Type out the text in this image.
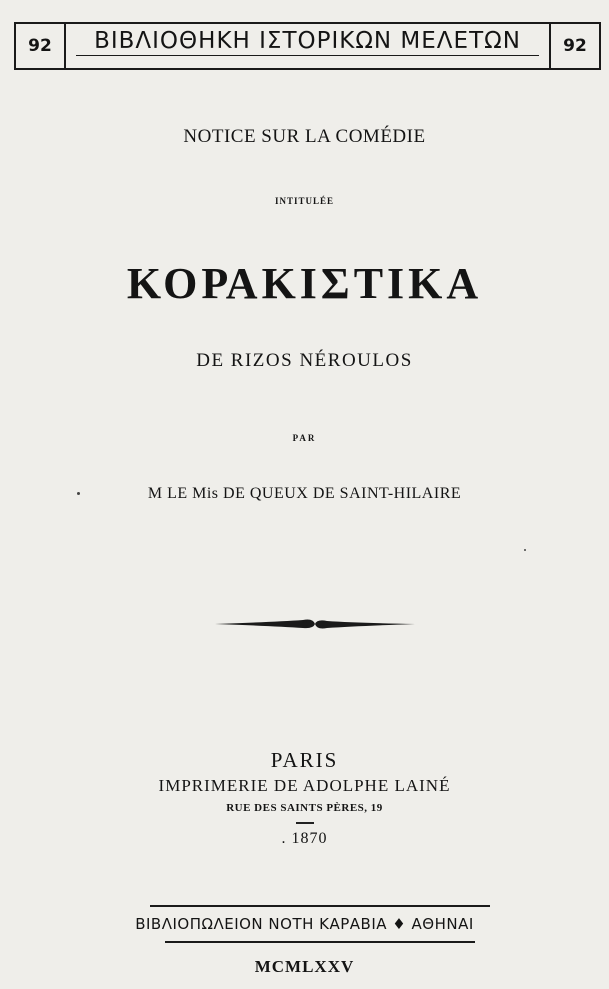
92	ΒΙΒΛΙΟΘΗΚΗ ΙΣΤΟΡΙΚΩΝ ΜΕΛΕΤΩΝ	92
NOTICE SUR LA COMÉDIE
INTITULÉE
ΚΟΡΑΚΙΣΤΙΚΑ
DE RIZOS NÉROULOS
PAR
M LE Mis DE QUEUX DE SAINT-HILAIRE
PARIS
IMPRIMERIE DE ADOLPHE LAINÉ
RUE DES SAINTS PÈRES, 19
. 1870
ΒΙΒΛΙΟΠΩΛΕΙΟΝ ΝΟΤΗ ΚΑΡΑΒΙΑ ♦ ΑΘΗΝΑΙ
MCMLXXV
